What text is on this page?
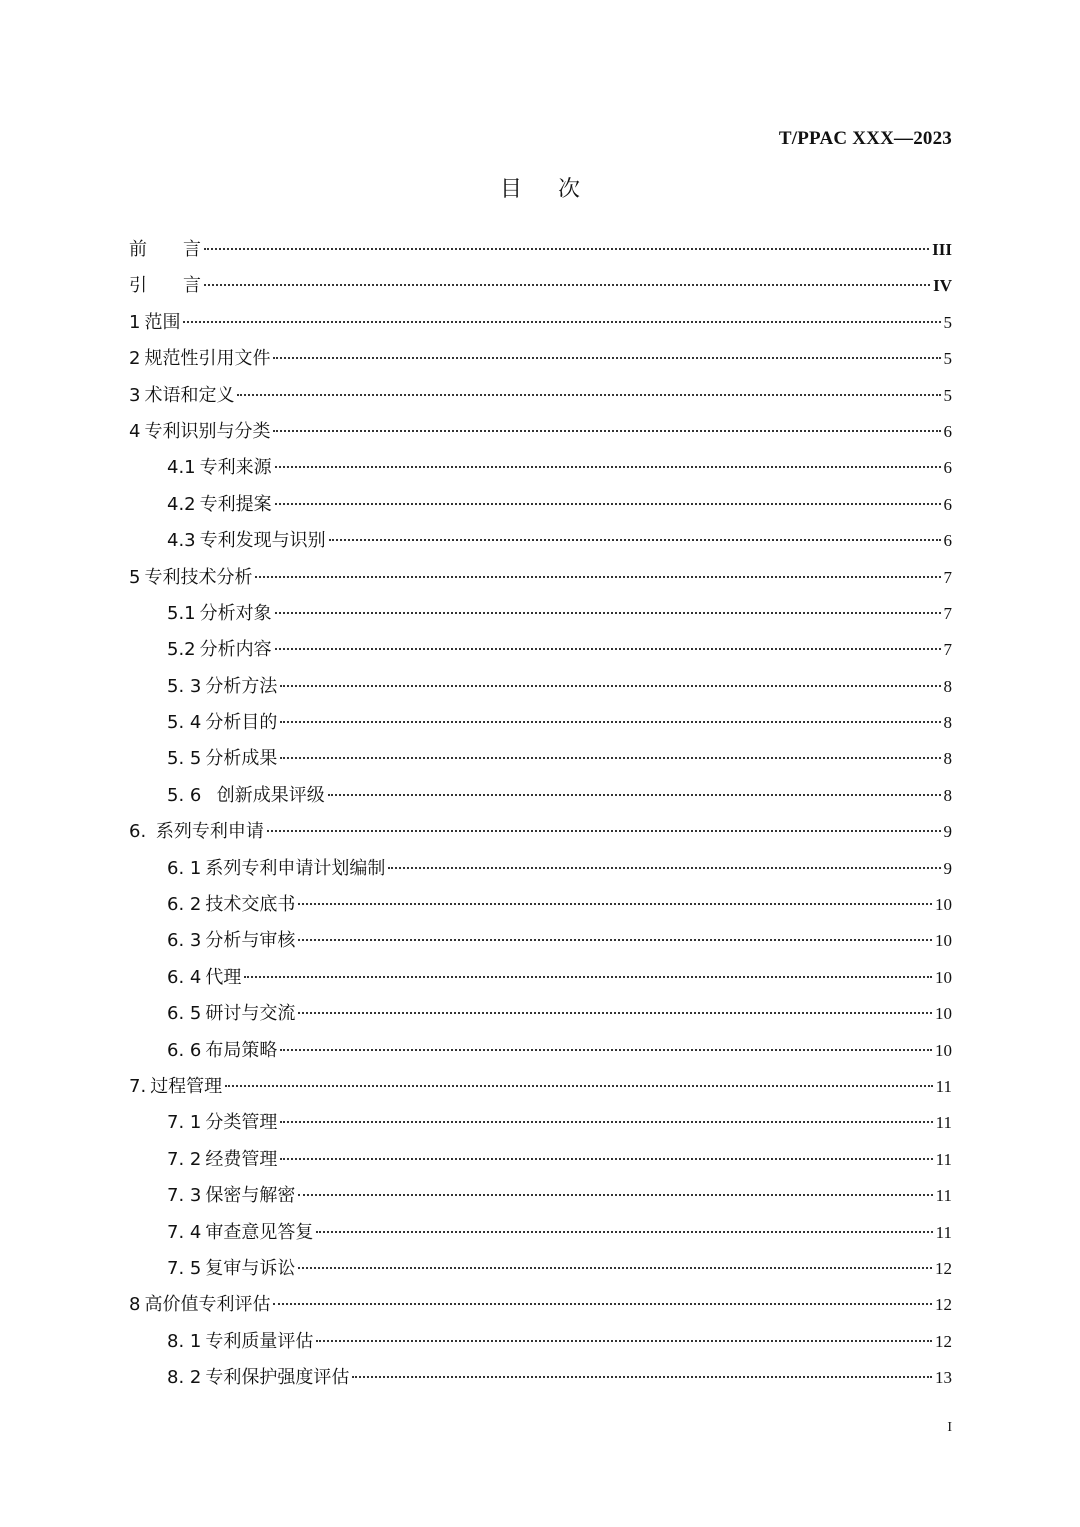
T/PPAC XXX—2023
目 次
前　　言	III
引　　言	IV
1 范围	5
2 规范性引用文件	5
3 术语和定义	5
4 专利识别与分类	6
4.1 专利来源	6
4.2 专利提案	6
4.3 专利发现与识别	6
5 专利技术分析	7
5.1 分析对象	7
5.2 分析内容	7
5. 3 分析方法	8
5. 4 分析目的	8
5. 5 分析成果	8
5. 6 创新成果评级	8
6. 系列专利申请	9
6. 1 系列专利申请计划编制	9
6. 2 技术交底书	10
6. 3 分析与审核	10
6. 4 代理	10
6. 5 研讨与交流	10
6. 6 布局策略	10
7. 过程管理	11
7. 1 分类管理	11
7. 2 经费管理	11
7. 3 保密与解密	11
7. 4 审查意见答复	11
7. 5 复审与诉讼	12
8 高价值专利评估	12
8. 1 专利质量评估	12
8. 2 专利保护强度评估	13
I
